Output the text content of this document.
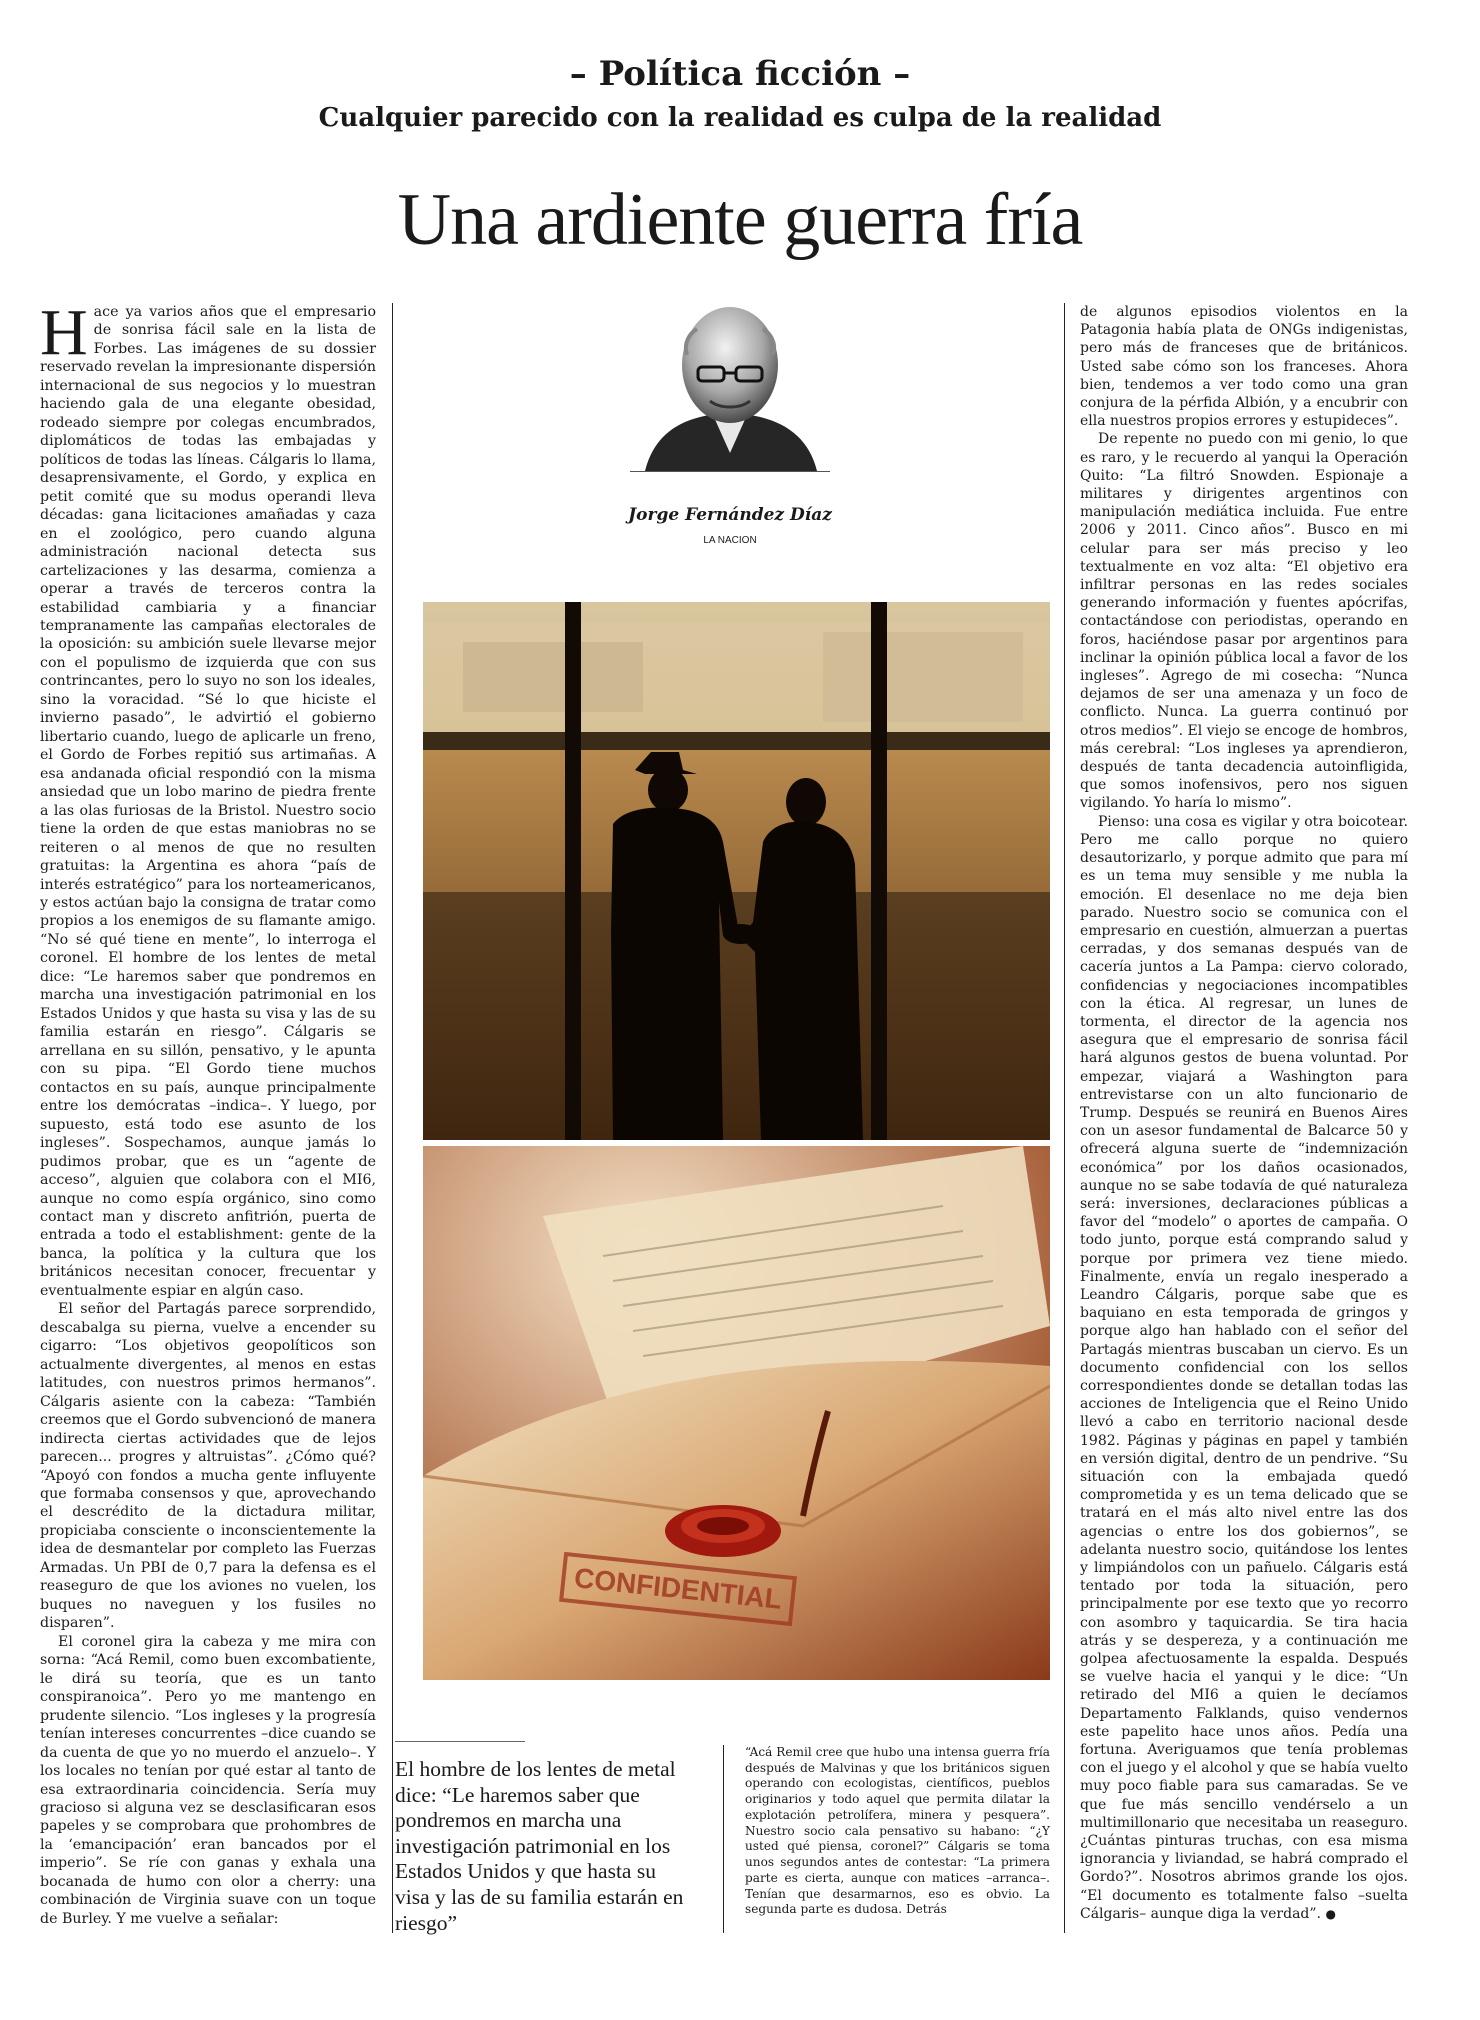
– Política ficción –
Cualquier parecido con la realidad es culpa de la realidad
Una ardiente guerra fría

Hace ya varios años que el empresario de sonrisa fácil sale en la lista de Forbes. Las imágenes de su dossier reservado revelan la impresionante dispersión internacional de sus negocios y lo muestran haciendo gala de una elegante obesidad, rodeado siempre por colegas encumbrados, diplomáticos de todas las embajadas y políticos de todas las líneas. Cálgaris lo llama, desaprensivamente, el Gordo, y explica en petit comité que su modus operandi lleva décadas: gana licitaciones amañadas y caza en el zoológico, pero cuando alguna administración nacional detecta sus cartelizaciones y las desarma, comienza a operar a través de terceros contra la estabilidad cambiaria y a financiar tempranamente las campañas electorales de la oposición: su ambición suele llevarse mejor con el populismo de izquierda que con sus contrincantes, pero lo suyo no son los ideales, sino la voracidad. “Sé lo que hiciste el invierno pasado”, le advirtió el gobierno libertario cuando, luego de aplicarle un freno, el Gordo de Forbes repitió sus artimañas. A esa andanada oficial respondió con la misma ansiedad que un lobo marino de piedra frente a las olas furiosas de la Bristol. Nuestro socio tiene la orden de que estas maniobras no se reiteren o al menos de que no resulten gratuitas: la Argentina es ahora “país de interés estratégico” para los norteamericanos, y estos actúan bajo la consigna de tratar como propios a los enemigos de su flamante amigo. “No sé qué tiene en mente”, lo interroga el coronel. El hombre de los lentes de metal dice: “Le haremos saber que pondremos en marcha una investigación patrimonial en los Estados Unidos y que hasta su visa y las de su familia estarán en riesgo”. Cálgaris se arrellana en su sillón, pensativo, y le apunta con su pipa. “El Gordo tiene muchos contactos en su país, aunque principalmente entre los demócratas –indica–. Y luego, por supuesto, está todo ese asunto de los ingleses”. Sospechamos, aunque jamás lo pudimos probar, que es un “agente de acceso”, alguien que colabora con el MI6, aunque no como espía orgánico, sino como contact man y discreto anfitrión, puerta de entrada a todo el establishment: gente de la banca, la política y la cultura que los británicos necesitan conocer, frecuentar y eventualmente espiar en algún caso.

El señor del Partagás parece sorprendido, descabalga su pierna, vuelve a encender su cigarro: “Los objetivos geopolíticos son actualmente divergentes, al menos en estas latitudes, con nuestros primos hermanos”. Cálgaris asiente con la cabeza: “También creemos que el Gordo subvencionó de manera indirecta ciertas actividades que de lejos parecen... progres y altruistas”. ¿Cómo qué? “Apoyó con fondos a mucha gente influyente que formaba consensos y que, aprovechando el descrédito de la dictadura militar, propiciaba consciente o inconscientemente la idea de desmantelar por completo las Fuerzas Armadas. Un PBI de 0,7 para la defensa es el reaseguro de que los aviones no vuelen, los buques no naveguen y los fusiles no disparen”.

El coronel gira la cabeza y me mira con sorna: “Acá Remil, como buen excombatiente, le dirá su teoría, que es un tanto conspiranoica”. Pero yo me mantengo en prudente silencio. “Los ingleses y la progresía tenían intereses concurrentes –dice cuando se da cuenta de que yo no muerdo el anzuelo–. Y los locales no tenían por qué estar al tanto de esa extraordinaria coincidencia. Sería muy gracioso si alguna vez se desclasificaran esos papeles y se comprobara que prohombres de la ‘emancipación’ eran bancados por el imperio”. Se ríe con ganas y exhala una bocanada de humo con olor a cherry: una combinación de Virginia suave con un toque de Burley. Y me vuelve a señalar:

Jorge Fernández Díaz
LA NACION
CONFIDENTIAL
El hombre de los lentes de metal dice: “Le haremos saber que pondremos en marcha una investigación patrimonial en los Estados Unidos y que hasta su visa y las de su familia estarán en riesgo”

“Acá Remil cree que hubo una intensa guerra fría después de Malvinas y que los británicos siguen operando con ecologistas, científicos, pueblos originarios y todo aquel que permita dilatar la explotación petrolífera, minera y pesquera”. Nuestro socio cala pensativo su habano: “¿Y usted qué piensa, coronel?” Cálgaris se toma unos segundos antes de contestar: “La primera parte es cierta, aunque con matices –arranca–. Tenían que desarmarnos, eso es obvio. La segunda parte es dudosa. Detrás

de algunos episodios violentos en la Patagonia había plata de ONGs indigenistas, pero más de franceses que de británicos. Usted sabe cómo son los franceses. Ahora bien, tendemos a ver todo como una gran conjura de la pérfida Albión, y a encubrir con ella nuestros propios errores y estupideces”.

De repente no puedo con mi genio, lo que es raro, y le recuerdo al yanqui la Operación Quito: “La filtró Snowden. Espionaje a militares y dirigentes argentinos con manipulación mediática incluida. Fue entre 2006 y 2011. Cinco años”. Busco en mi celular para ser más preciso y leo textualmente en voz alta: “El objetivo era infiltrar personas en las redes sociales generando información y fuentes apócrifas, contactándose con periodistas, operando en foros, haciéndose pasar por argentinos para inclinar la opinión pública local a favor de los ingleses”. Agrego de mi cosecha: “Nunca dejamos de ser una amenaza y un foco de conflicto. Nunca. La guerra continuó por otros medios”. El viejo se encoge de hombros, más cerebral: “Los ingleses ya aprendieron, después de tanta decadencia autoinfligida, que somos inofensivos, pero nos siguen vigilando. Yo haría lo mismo”.

Pienso: una cosa es vigilar y otra boicotear. Pero me callo porque no quiero desautorizarlo, y porque admito que para mí es un tema muy sensible y me nubla la emoción. El desenlace no me deja bien parado. Nuestro socio se comunica con el empresario en cuestión, almuerzan a puertas cerradas, y dos semanas después van de cacería juntos a La Pampa: ciervo colorado, confidencias y negociaciones incompatibles con la ética. Al regresar, un lunes de tormenta, el director de la agencia nos asegura que el empresario de sonrisa fácil hará algunos gestos de buena voluntad. Por empezar, viajará a Washington para entrevistarse con un alto funcionario de Trump. Después se reunirá en Buenos Aires con un asesor fundamental de Balcarce 50 y ofrecerá alguna suerte de “indemnización económica” por los daños ocasionados, aunque no se sabe todavía de qué naturaleza será: inversiones, declaraciones públicas a favor del “modelo” o aportes de campaña. O todo junto, porque está comprando salud y porque por primera vez tiene miedo. Finalmente, envía un regalo inesperado a Leandro Cálgaris, porque sabe que es baquiano en esta temporada de gringos y porque algo han hablado con el señor del Partagás mientras buscaban un ciervo. Es un documento confidencial con los sellos correspondientes donde se detallan todas las acciones de Inteligencia que el Reino Unido llevó a cabo en territorio nacional desde 1982. Páginas y páginas en papel y también en versión digital, dentro de un pendrive. “Su situación con la embajada quedó comprometida y es un tema delicado que se tratará en el más alto nivel entre las dos agencias o entre los dos gobiernos”, se adelanta nuestro socio, quitándose los lentes y limpiándolos con un pañuelo. Cálgaris está tentado por toda la situación, pero principalmente por ese texto que yo recorro con asombro y taquicardia. Se tira hacia atrás y se despereza, y a continuación me golpea afectuosamente la espalda. Después se vuelve hacia el yanqui y le dice: “Un retirado del MI6 a quien le decíamos Departamento Falklands, quiso vendernos este papelito hace unos años. Pedía una fortuna. Averiguamos que tenía problemas con el juego y el alcohol y que se había vuelto muy poco fiable para sus camaradas. Se ve que fue más sencillo vendérselo a un multimillonario que necesitaba un reaseguro. ¿Cuántas pinturas truchas, con esa misma ignorancia y liviandad, se habrá comprado el Gordo?”. Nosotros abrimos grande los ojos. “El documento es totalmente falso –suelta Cálgaris– aunque diga la verdad”. ●
